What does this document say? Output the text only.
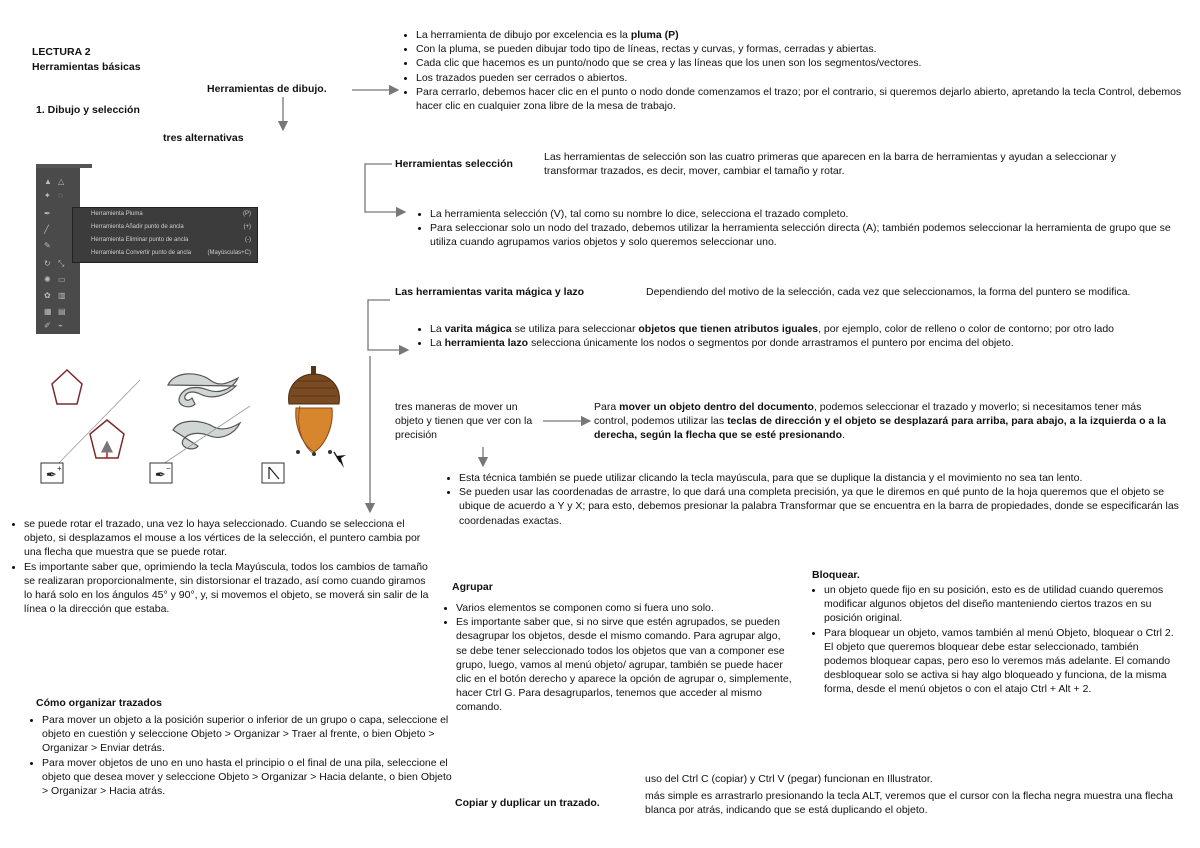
LECTURA 2
Herramientas básicas
1. Dibujo y selección
Herramientas de dibujo.
tres alternativas
• La herramienta de dibujo por excelencia es la pluma (P)
• Con la pluma, se pueden dibujar todo tipo de líneas, rectas y curvas, y formas, cerradas y abiertas.
• Cada clic que hacemos es un punto/nodo que se crea y las líneas que los unen son los segmentos/vectores.
• Los trazados pueden ser cerrados o abiertos.
• Para cerrarlo, debemos hacer clic en el punto o nodo donde comenzamos el trazo; por el contrario, si queremos dejarlo abierto, apretando la tecla Control, debemos hacer clic en cualquier zona libre de la mesa de trabajo.
▲ △
✦ ◌
✒
╱
✎
↻ ⤡
✺ ▭
✿ ▥
▦ ▤
✐ ⌁
Herramienta Pluma	(P)
Herramienta Añadir punto de ancla	(+)
Herramienta Eliminar punto de ancla	(-)
Herramienta Convertir punto de ancla	(Mayúsculas+C)
✒ +	✒ −
Herramientas selección
Las herramientas de selección son las cuatro primeras que aparecen en la barra de herramientas y ayudan a seleccionar y transformar trazados, es decir, mover, cambiar el tamaño y rotar.
• La herramienta selección (V), tal como su nombre lo dice, selecciona el trazado completo.
• Para seleccionar solo un nodo del trazado, debemos utilizar la herramienta selección directa (A); también podemos seleccionar la herramienta de grupo que se utiliza cuando agrupamos varios objetos y solo queremos seleccionar uno.
Las herramientas varita mágica y lazo	Dependiendo del motivo de la selección, cada vez que seleccionamos, la forma del puntero se modifica.
• La varita mágica se utiliza para seleccionar objetos que tienen atributos iguales, por ejemplo, color de relleno o color de contorno; por otro lado
• La herramienta lazo selecciona únicamente los nodos o segmentos por donde arrastramos el puntero por encima del objeto.
tres maneras de mover un objeto y tienen que ver con la precisión
Para mover un objeto dentro del documento, podemos seleccionar el trazado y moverlo; si necesitamos tener más control, podemos utilizar las teclas de dirección y el objeto se desplazará para arriba, para abajo, a la izquierda o a la derecha, según la flecha que se esté presionando.
• Esta técnica también se puede utilizar clicando la tecla mayúscula, para que se duplique la distancia y el movimiento no sea tan lento.
• Se pueden usar las coordenadas de arrastre, lo que dará una completa precisión, ya que le diremos en qué punto de la hoja queremos que el objeto se ubique de acuerdo a Y y X; para esto, debemos presionar la palabra Transformar que se encuentra en la barra de propiedades, donde se especificarán las coordenadas exactas.
• se puede rotar el trazado, una vez lo haya seleccionado. Cuando se selecciona el objeto, si desplazamos el mouse a los vértices de la selección, el puntero cambia por una flecha que muestra que se puede rotar.
• Es importante saber que, oprimiendo la tecla Mayúscula, todos los cambios de tamaño se realizaran proporcionalmente, sin distorsionar el trazado, así como cuando giramos lo hará solo en los ángulos 45° y 90°, y, si movemos el objeto, se moverá sin salir de la línea o la dirección que estaba.
Cómo organizar trazados
• Para mover un objeto a la posición superior o inferior de un grupo o capa, seleccione el objeto en cuestión y seleccione Objeto > Organizar > Traer al frente, o bien Objeto > Organizar > Enviar detrás.
• Para mover objetos de uno en uno hasta el principio o el final de una pila, seleccione el objeto que desea mover y seleccione Objeto > Organizar > Hacia delante, o bien Objeto > Organizar > Hacia atrás.
Agrupar
• Varios elementos se componen como si fuera uno solo.
• Es importante saber que, si no sirve que estén agrupados, se pueden desagrupar los objetos, desde el mismo comando. Para agrupar algo, se debe tener seleccionado todos los objetos que van a componer ese grupo, luego, vamos al menú objeto/ agrupar, también se puede hacer clic en el botón derecho y aparece la opción de agrupar o, simplemente, hacer Ctrl G. Para desagruparlos, tenemos que acceder al mismo comando.
Bloquear.
• un objeto quede fijo en su posición, esto es de utilidad cuando queremos modificar algunos objetos del diseño manteniendo ciertos trazos en su posición original.
• Para bloquear un objeto, vamos también al menú Objeto, bloquear o Ctrl 2. El objeto que queremos bloquear debe estar seleccionado, también podemos bloquear capas, pero eso lo veremos más adelante. El comando desbloquear solo se activa si hay algo bloqueado y funciona, de la misma forma, desde el menú objetos o con el atajo Ctrl + Alt + 2.
Copiar y duplicar un trazado.
uso del Ctrl C (copiar) y Ctrl V (pegar) funcionan en Illustrator.
más simple es arrastrarlo presionando la tecla ALT, veremos que el cursor con la flecha negra muestra una flecha blanca por atrás, indicando que se está duplicando el objeto.
